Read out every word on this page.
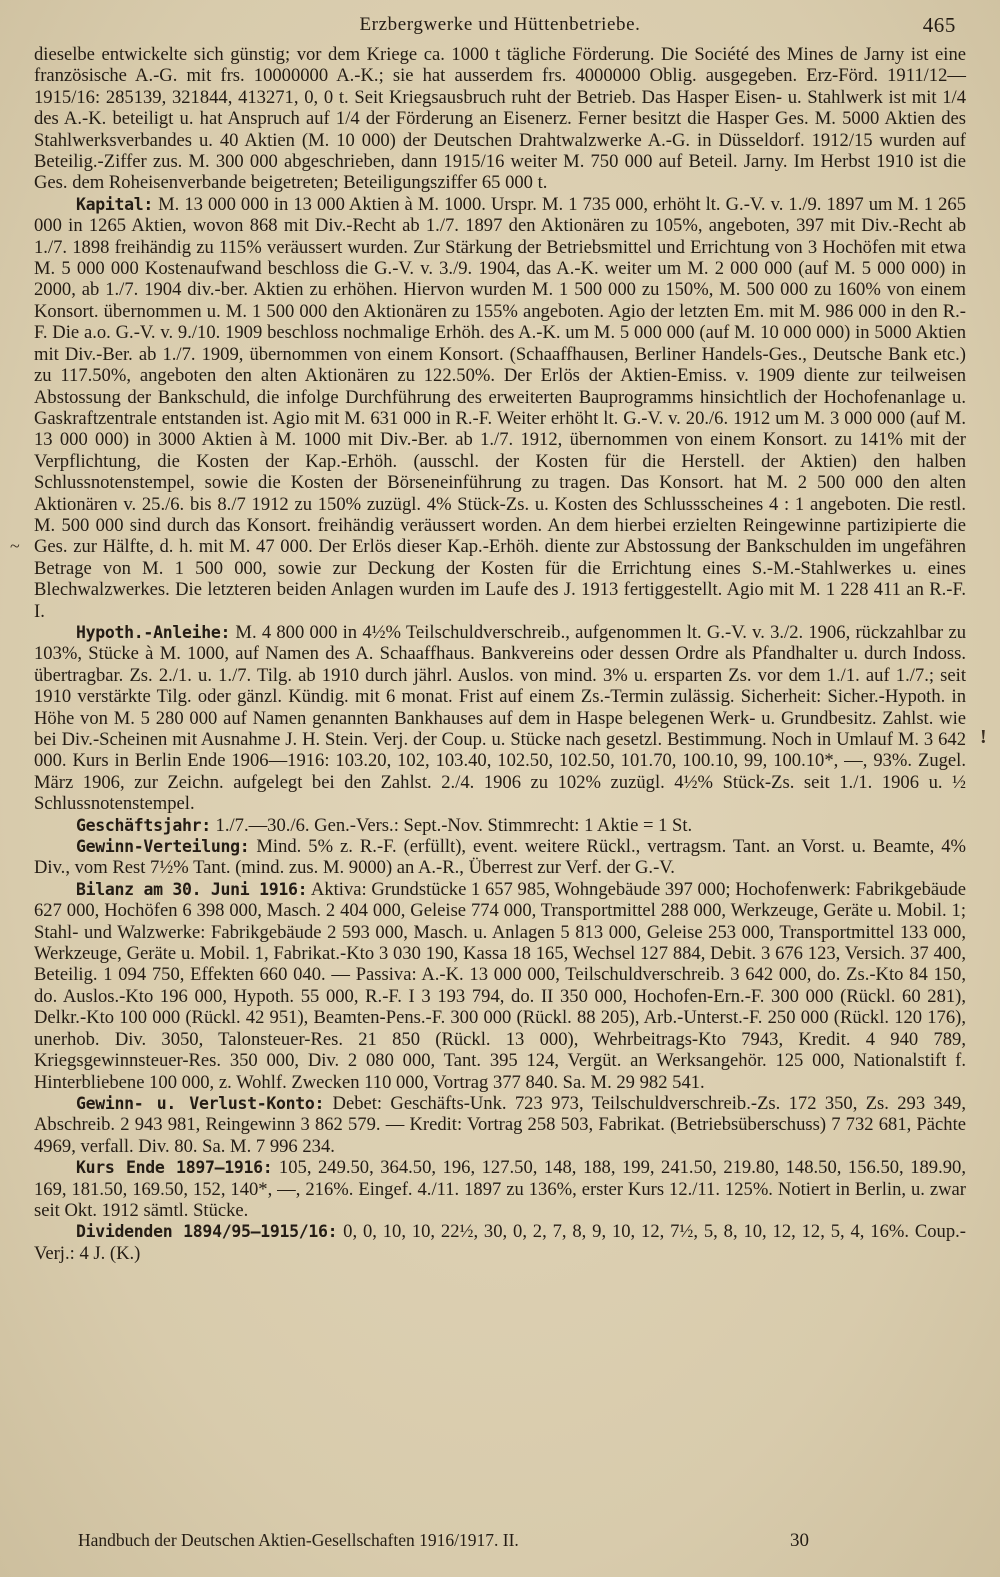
Erzbergwerke und Hüttenbetriebe.	465

dieselbe entwickelte sich günstig; vor dem Kriege ca. 1000 t tägliche Förderung. Die Société des Mines de Jarny ist eine französische A.-G. mit frs. 10000000 A.-K.; sie hat ausserdem frs. 4000000 Oblig. ausgegeben. Erz-Förd. 1911/12—1915/16: 285139, 321844, 413271, 0, 0 t. Seit Kriegsausbruch ruht der Betrieb. Das Hasper Eisen- u. Stahlwerk ist mit 1/4 des A.-K. beteiligt u. hat Anspruch auf 1/4 der Förderung an Eisenerz. Ferner besitzt die Hasper Ges. M. 5000 Aktien des Stahlwerksverbandes u. 40 Aktien (M. 10 000) der Deutschen Drahtwalzwerke A.-G. in Düsseldorf. 1912/15 wurden auf Beteilig.-Ziffer zus. M. 300 000 abgeschrieben, dann 1915/16 weiter M. 750 000 auf Beteil. Jarny. Im Herbst 1910 ist die Ges. dem Roheisenverbande beigetreten; Beteiligungsziffer 65 000 t.

Kapital: M. 13 000 000 in 13 000 Aktien à M. 1000. Urspr. M. 1 735 000, erhöht lt. G.-V. v. 1./9. 1897 um M. 1 265 000 in 1265 Aktien, wovon 868 mit Div.-Recht ab 1./7. 1897 den Aktionären zu 105%, angeboten, 397 mit Div.-Recht ab 1./7. 1898 freihändig zu 115% veräussert wurden. Zur Stärkung der Betriebsmittel und Errichtung von 3 Hochöfen mit etwa M. 5 000 000 Kostenaufwand beschloss die G.-V. v. 3./9. 1904, das A.-K. weiter um M. 2 000 000 (auf M. 5 000 000) in 2000, ab 1./7. 1904 div.-ber. Aktien zu erhöhen. Hiervon wurden M. 1 500 000 zu 150%, M. 500 000 zu 160% von einem Konsort. übernommen u. M. 1 500 000 den Aktionären zu 155% angeboten. Agio der letzten Em. mit M. 986 000 in den R.-F. Die a.o. G.-V. v. 9./10. 1909 beschloss nochmalige Erhöh. des A.-K. um M. 5 000 000 (auf M. 10 000 000) in 5000 Aktien mit Div.-Ber. ab 1./7. 1909, übernommen von einem Konsort. (Schaaffhausen, Berliner Handels-Ges., Deutsche Bank etc.) zu 117.50%, angeboten den alten Aktionären zu 122.50%. Der Erlös der Aktien-Emiss. v. 1909 diente zur teilweisen Abstossung der Bankschuld, die infolge Durchführung des erweiterten Bauprogramms hinsichtlich der Hochofenanlage u. Gaskraftzentrale entstanden ist. Agio mit M. 631 000 in R.-F. Weiter erhöht lt. G.-V. v. 20./6. 1912 um M. 3 000 000 (auf M. 13 000 000) in 3000 Aktien à M. 1000 mit Div.-Ber. ab 1./7. 1912, übernommen von einem Konsort. zu 141% mit der Verpflichtung, die Kosten der Kap.-Erhöh. (ausschl. der Kosten für die Herstell. der Aktien) den halben Schlussnotenstempel, sowie die Kosten der Börseneinführung zu tragen. Das Konsort. hat M. 2 500 000 den alten Aktionären v. 25./6. bis 8./7 1912 zu 150% zuzügl. 4% Stück-Zs. u. Kosten des Schlussscheines 4 : 1 angeboten. Die restl. M. 500 000 sind durch das Konsort. freihändig veräussert worden. An dem hierbei erzielten Reingewinne partizipierte die Ges. zur Hälfte, d. h. mit M. 47 000. Der Erlös dieser Kap.-Erhöh. diente zur Abstossung der Bankschulden im ungefähren Betrage von M. 1 500 000, sowie zur Deckung der Kosten für die Errichtung eines S.-M.-Stahlwerkes u. eines Blechwalzwerkes. Die letzteren beiden Anlagen wurden im Laufe des J. 1913 fertiggestellt. Agio mit M. 1 228 411 an R.-F. I.

Hypoth.-Anleihe: M. 4 800 000 in 4½% Teilschuldverschreib., aufgenommen lt. G.-V. v. 3./2. 1906, rückzahlbar zu 103%, Stücke à M. 1000, auf Namen des A. Schaaffhaus. Bankvereins oder dessen Ordre als Pfandhalter u. durch Indoss. übertragbar. Zs. 2./1. u. 1./7. Tilg. ab 1910 durch jährl. Auslos. von mind. 3% u. ersparten Zs. vor dem 1./1. auf 1./7.; seit 1910 verstärkte Tilg. oder gänzl. Kündig. mit 6 monat. Frist auf einem Zs.-Termin zulässig. Sicherheit: Sicher.-Hypoth. in Höhe von M. 5 280 000 auf Namen genannten Bankhauses auf dem in Haspe belegenen Werk- u. Grundbesitz. Zahlst. wie bei Div.-Scheinen mit Ausnahme J. H. Stein. Verj. der Coup. u. Stücke nach gesetzl. Bestimmung. Noch in Umlauf M. 3 642 000. Kurs in Berlin Ende 1906—1916: 103.20, 102, 103.40, 102.50, 102.50, 101.70, 100.10, 99, 100.10*, —, 93%. Zugel. März 1906, zur Zeichn. aufgelegt bei den Zahlst. 2./4. 1906 zu 102% zuzügl. 4½% Stück-Zs. seit 1./1. 1906 u. ½ Schlussnotenstempel.

Geschäftsjahr: 1./7.—30./6. Gen.-Vers.: Sept.-Nov. Stimmrecht: 1 Aktie = 1 St.

Gewinn-Verteilung: Mind. 5% z. R.-F. (erfüllt), event. weitere Rückl., vertragsm. Tant. an Vorst. u. Beamte, 4% Div., vom Rest 7½% Tant. (mind. zus. M. 9000) an A.-R., Überrest zur Verf. der G.-V.

Bilanz am 30. Juni 1916: Aktiva: Grundstücke 1 657 985, Wohngebäude 397 000; Hochofenwerk: Fabrikgebäude 627 000, Hochöfen 6 398 000, Masch. 2 404 000, Geleise 774 000, Transportmittel 288 000, Werkzeuge, Geräte u. Mobil. 1; Stahl- und Walzwerke: Fabrikgebäude 2 593 000, Masch. u. Anlagen 5 813 000, Geleise 253 000, Transportmittel 133 000, Werkzeuge, Geräte u. Mobil. 1, Fabrikat.-Kto 3 030 190, Kassa 18 165, Wechsel 127 884, Debit. 3 676 123, Versich. 37 400, Beteilig. 1 094 750, Effekten 660 040. — Passiva: A.-K. 13 000 000, Teilschuldverschreib. 3 642 000, do. Zs.-Kto 84 150, do. Auslos.-Kto 196 000, Hypoth. 55 000, R.-F. I 3 193 794, do. II 350 000, Hochofen-Ern.-F. 300 000 (Rückl. 60 281), Delkr.-Kto 100 000 (Rückl. 42 951), Beamten-Pens.-F. 300 000 (Rückl. 88 205), Arb.-Unterst.-F. 250 000 (Rückl. 120 176), unerhob. Div. 3050, Talonsteuer-Res. 21 850 (Rückl. 13 000), Wehrbeitrags-Kto 7943, Kredit. 4 940 789, Kriegsgewinnsteuer-Res. 350 000, Div. 2 080 000, Tant. 395 124, Vergüt. an Werksangehör. 125 000, Nationalstift f. Hinterbliebene 100 000, z. Wohlf. Zwecken 110 000, Vortrag 377 840. Sa. M. 29 982 541.

Gewinn- u. Verlust-Konto: Debet: Geschäfts-Unk. 723 973, Teilschuldverschreib.-Zs. 172 350, Zs. 293 349, Abschreib. 2 943 981, Reingewinn 3 862 579. — Kredit: Vortrag 258 503, Fabrikat. (Betriebsüberschuss) 7 732 681, Pächte 4969, verfall. Div. 80. Sa. M. 7 996 234.

Kurs Ende 1897—1916: 105, 249.50, 364.50, 196, 127.50, 148, 188, 199, 241.50, 219.80, 148.50, 156.50, 189.90, 169, 181.50, 169.50, 152, 140*, —, 216%. Eingef. 4./11. 1897 zu 136%, erster Kurs 12./11. 125%. Notiert in Berlin, u. zwar seit Okt. 1912 sämtl. Stücke.

Dividenden 1894/95—1915/16: 0, 0, 10, 10, 22½, 30, 0, 2, 7, 8, 9, 10, 12, 7½, 5, 8, 10, 12, 12, 5, 4, 16%. Coup.-Verj.: 4 J. (K.)

~
!
Handbuch der Deutschen Aktien-Gesellschaften 1916/1917. II.	30
